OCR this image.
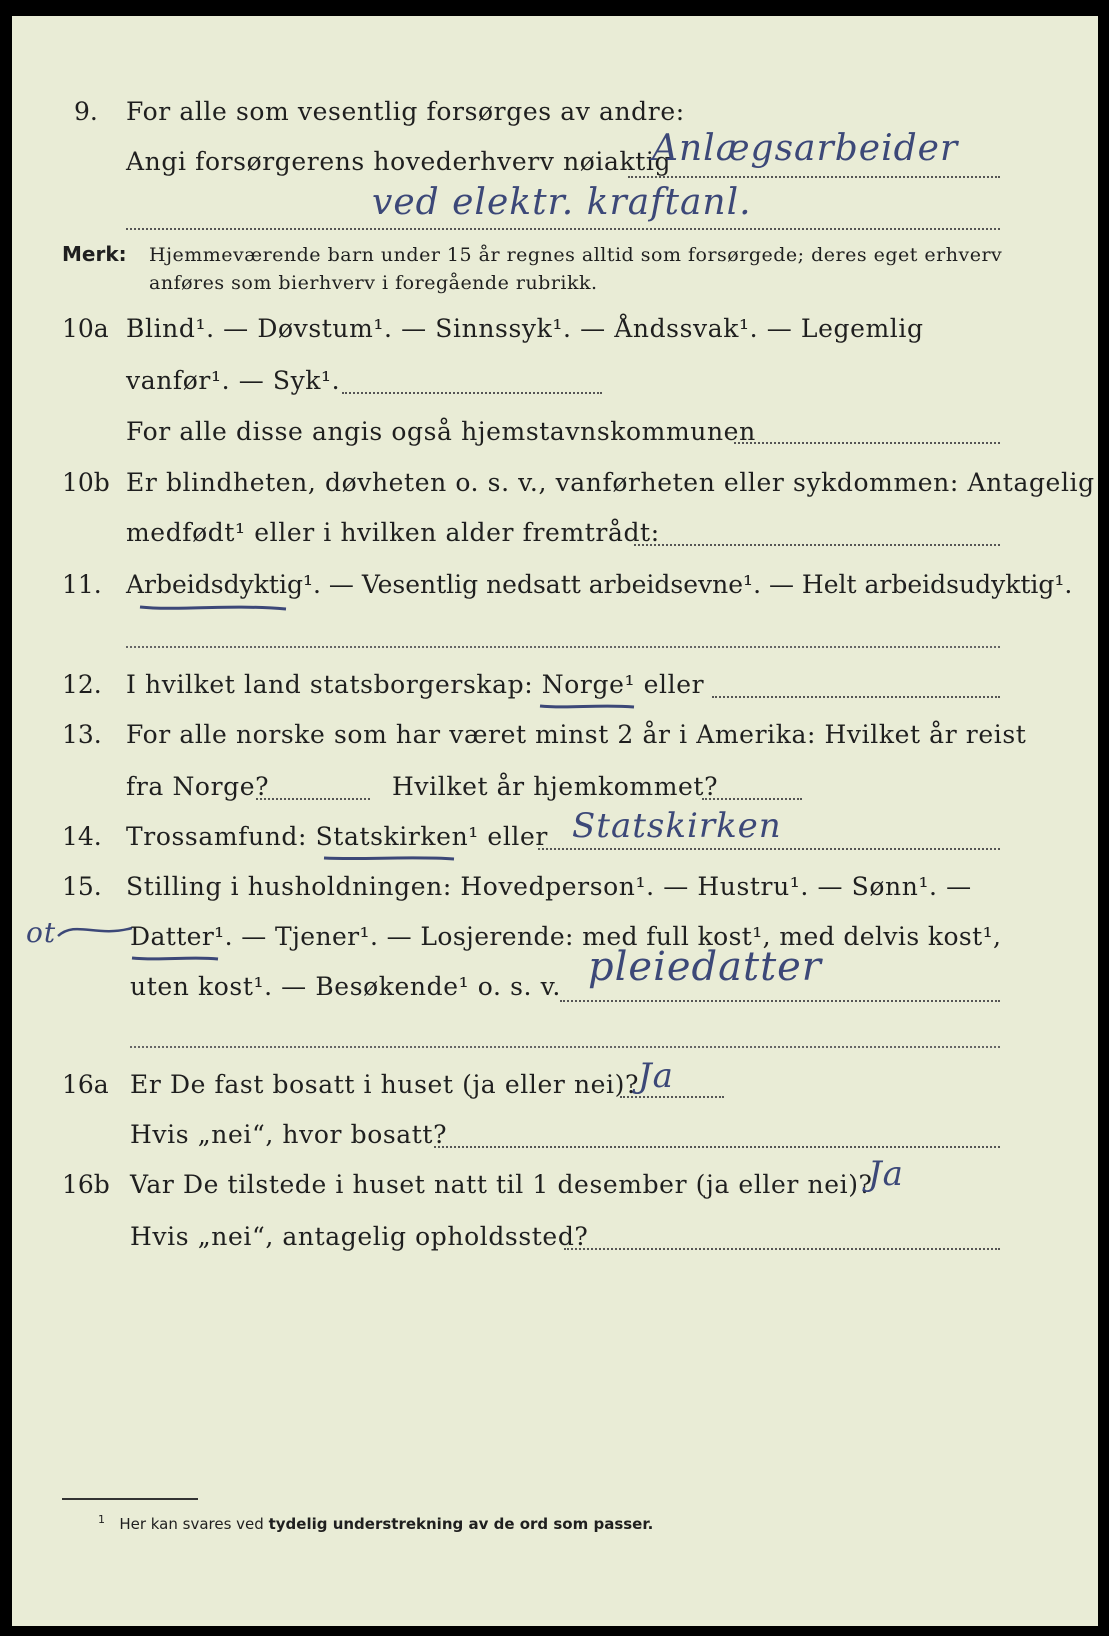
9. For alle som vesentlig forsørges av andre:
Angi forsørgerens hovederhverv nøiaktig
Anlægsarbeider
ved elektr. kraftanl.
Merk: Hjemmeværende barn under 15 år regnes alltid som forsørgede; deres eget erhverv
anføres som bierhverv i foregående rubrikk.
10a Blind¹. — Døvstum¹. — Sinnssyk¹. — Åndssvak¹. — Legemlig
vanfør¹. — Syk¹.
For alle disse angis også hjemstavnskommunen
10b Er blindheten, døvheten o. s. v., vanførheten eller sykdommen: Antagelig
medfødt¹ eller i hvilken alder fremtrådt:
11. Arbeidsdyktig¹. — Vesentlig nedsatt arbeidsevne¹. — Helt arbeidsudyktig¹.
12. I hvilket land statsborgerskap: Norge¹ eller
13. For alle norske som har været minst 2 år i Amerika: Hvilket år reist
fra Norge?	Hvilket år hjemkommet?
14. Trossamfund: Statskirken¹ eller Statskirken
15. Stilling i husholdningen: Hovedperson¹. — Hustru¹. — Sønn¹. —
ot	Datter¹. — Tjener¹. — Losjerende: med full kost¹, med delvis kost¹,
uten kost¹. — Besøkende¹ o. s. v. pleiedatter
16a Er De fast bosatt i huset (ja eller nei)? Ja
Hvis „nei“, hvor bosatt?
16b Var De tilstede i huset natt til 1 desember (ja eller nei)?
Ja
Hvis „nei“, antagelig opholdssted?
$^1$ Her kan svares ved tydelig understrekning av de ord som passer.
